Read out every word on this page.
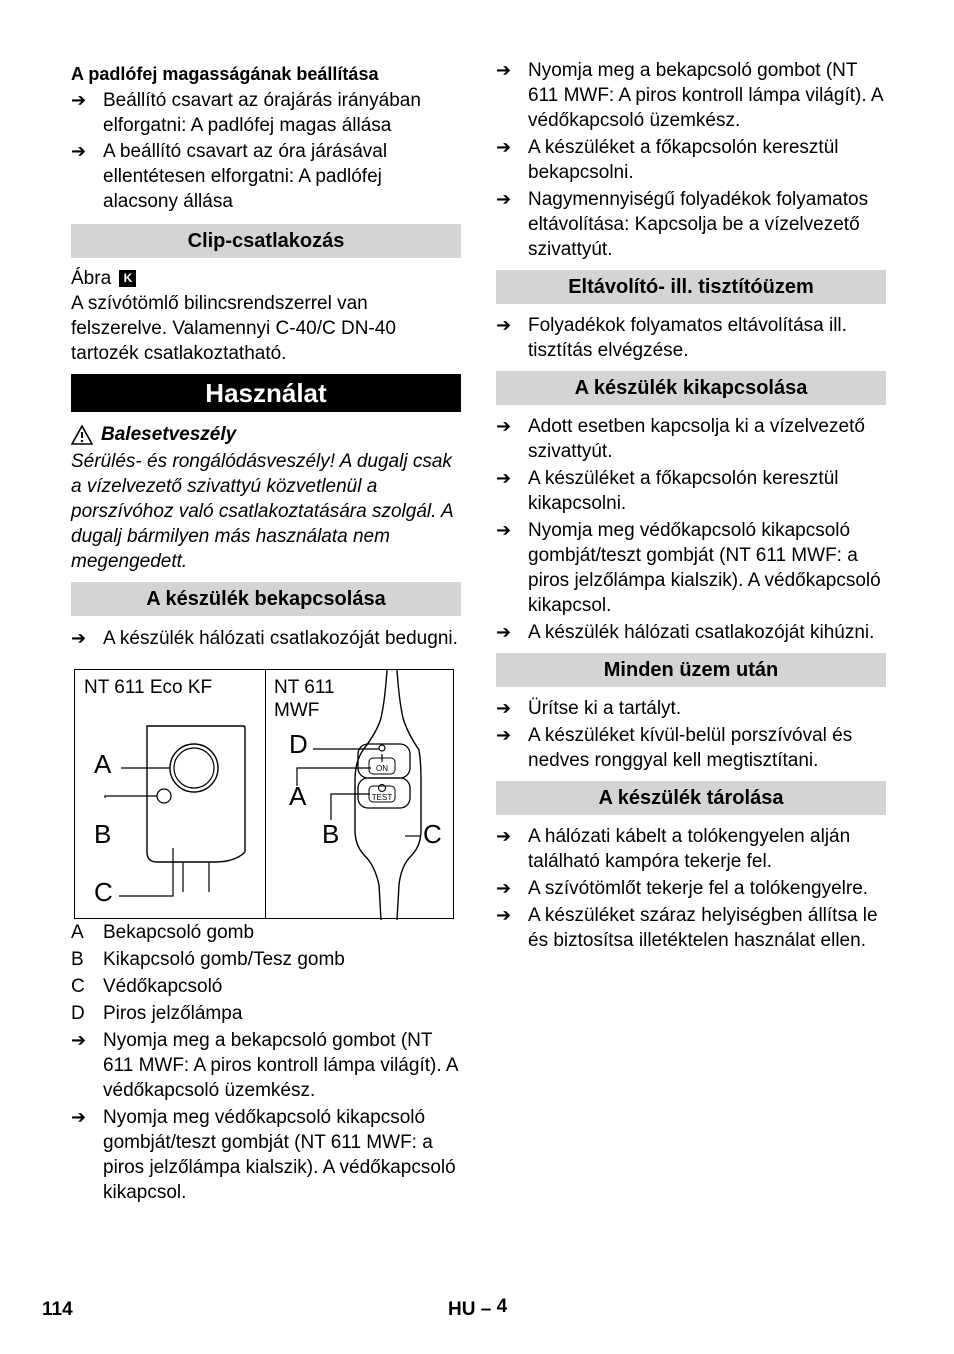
A padlófej magasságának beállítása
➔ Beállító csavart az órajárás irányában elforgatni: A padlófej magas állása
➔ A beállító csavart az óra járásával ellentétesen elforgatni: A padlófej alacsony állása
Clip-csatlakozás
Ábra K

A szívótömlő bilincsrendszerrel van felszerelve. Valamennyi C-40/C DN-40 tartozék csatlakoztatható.

Használat
Balesetveszély

Sérülés- és rongálódásveszély! A dugalj csak a vízelvezető szivattyú közvetlenül a porszívóhoz való csatlakoztatására szolgál. A dugalj bármilyen más használata nem megengedett.

A készülék bekapcsolása
➔ A készülék hálózati csatlakozóját bedugni.
NT 611 Eco KF	NT 611
MWF
ON
TEST
A
B
C
D
A
B	C
A	Bekapcsoló gomb
B	Kikapcsoló gomb/Tesz gomb
C Védőkapcsoló
D Piros jelzőlámpa
➔ Nyomja meg a bekapcsoló gombot (NT 611 MWF: A piros kontroll lámpa világít). A védőkapcsoló üzemkész.
➔ Nyomja meg védőkapcsoló kikapcsoló gombját/teszt gombját (NT 611 MWF: a piros jelzőlámpa kialszik). A védőkapcsoló kikapcsol.
➔ Nyomja meg a bekapcsoló gombot (NT 611 MWF: A piros kontroll lámpa világít). A védőkapcsoló üzemkész.
➔ A készüléket a főkapcsolón keresztül bekapcsolni.
➔ Nagymennyiségű folyadékok folyamatos eltávolítása: Kapcsolja be a vízelvezető szivattyút.
Eltávolító- ill. tisztítóüzem
➔ Folyadékok folyamatos eltávolítása ill. tisztítás elvégzése.
A készülék kikapcsolása
➔ Adott esetben kapcsolja ki a vízelvezető szivattyút.
➔ A készüléket a főkapcsolón keresztül kikapcsolni.
➔ Nyomja meg védőkapcsoló kikapcsoló gombját/teszt gombját (NT 611 MWF: a piros jelzőlámpa kialszik). A védőkapcsoló kikapcsol.
➔ A készülék hálózati csatlakozóját kihúzni.
Minden üzem után
➔ Ürítse ki a tartályt.
➔ A készüléket kívül-belül porszívóval és nedves ronggyal kell megtisztítani.
A készülék tárolása
➔ A hálózati kábelt a tolókengyelen alján található kampóra tekerje fel.
➔ A szívótömlőt tekerje fel a tolókengyelre.
➔ A készüléket száraz helyiségben állítsa le és biztosítsa illetéktelen használat ellen.
114	HU – 4
